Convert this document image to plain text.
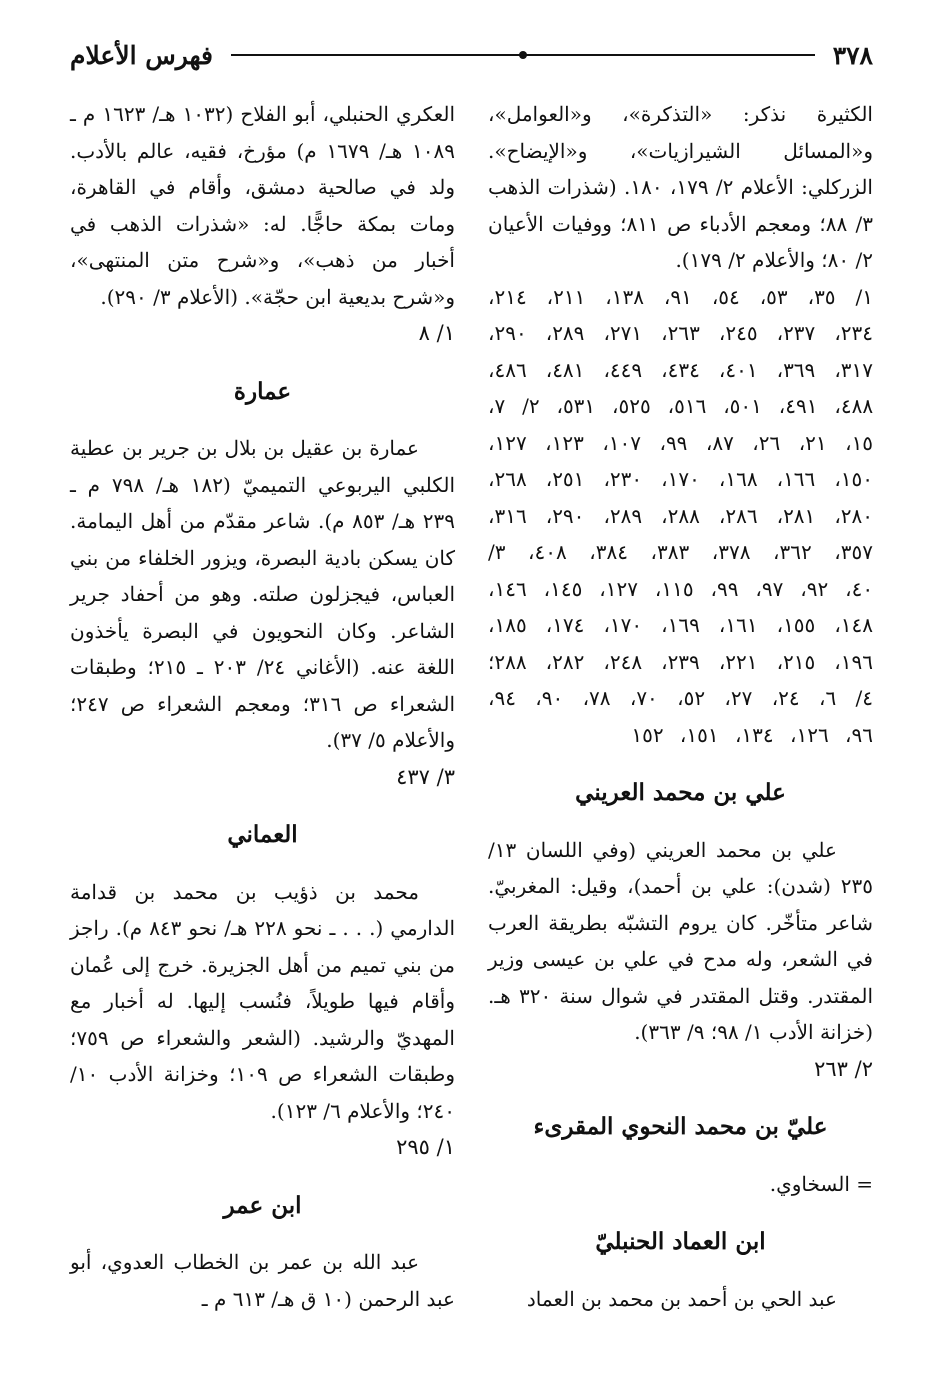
٣٧٨
فهرس الأعلام

الكثيرة نذكر: «التذكرة»، و«العوامل»، و«المسائل الشيرازيات»، و«الإيضاح». الزركلي: الأعلام ٢/ ١٧٩، ١٨٠. (شذرات الذهب ٣/ ٨٨؛ ومعجم الأدباء ص ٨١١؛ ووفيات الأعيان ٢/ ٨٠؛ والأعلام ٢/ ١٧٩).

١/ ٣٥، ٥٣، ٥٤، ٩١، ١٣٨، ٢١١، ٢١٤، ٢٣٤، ٢٣٧، ٢٤٥، ٢٦٣، ٢٧١، ٢٨٩، ٢٩٠، ٣١٧، ٣٦٩، ٤٠١، ٤٣٤، ٤٤٩، ٤٨١، ٤٨٦، ٤٨٨، ٤٩١، ٥٠١، ٥١٦، ٥٢٥، ٥٣١، ٢/ ٧، ١٥، ٢١، ٢٦، ٨٧، ٩٩، ١٠٧، ١٢٣، ١٢٧، ١٥٠، ١٦٦، ١٦٨، ١٧٠، ٢٣٠، ٢٥١، ٢٦٨، ٢٨٠، ٢٨١، ٢٨٦، ٢٨٨، ٢٨٩، ٢٩٠، ٣١٦، ٣٥٧، ٣٦٢، ٣٧٨، ٣٨٣، ٣٨٤، ٤٠٨، ٣/ ٤٠، ٩٢، ٩٧، ٩٩، ١١٥، ١٢٧، ١٤٥، ١٤٦، ١٤٨، ١٥٥، ١٦١، ١٦٩، ١٧٠، ١٧٤، ١٨٥، ١٩٦، ٢١٥، ٢٢١، ٢٣٩، ٢٤٨، ٢٨٢، ٢٨٨؛ ٤/ ٦، ٢٤، ٢٧، ٥٢، ٧٠، ٧٨، ٩٠، ٩٤، ٩٦، ١٢٦، ١٣٤، ١٥١، ١٥٢

علي بن محمد العريني

علي بن محمد العريني (وفي اللسان ١٣/ ٢٣٥ (شدن): علي بن أحمد)، وقيل: المغربيّ. شاعر متأخّر. كان يروم التشبّه بطريقة العرب في الشعر، وله مدح في علي بن عيسى وزير المقتدر. وقتل المقتدر في شوال سنة ٣٢٠ هـ. (خزانة الأدب ١/ ٩٨؛ ٩/ ٣٦٣).

٢/ ٢٦٣

عليّ بن محمد النحوي المقرىء

= السخاوي.

ابن العماد الحنبليّ

عبد الحي بن أحمد بن محمد بن العماد

العكري الحنبلي، أبو الفلاح (١٠٣٢ هـ/ ١٦٢٣ م ـ ١٠٨٩ هـ/ ١٦٧٩ م) مؤرخ، فقيه، عالم بالأدب. ولد في صالحية دمشق، وأقام في القاهرة، ومات بمكة حاجًّا. له: «شذرات الذهب في أخبار من ذهب»، و«شرح متن المنتهى»، و«شرح بديعية ابن حجّة». (الأعلام ٣/ ٢٩٠).

١/ ٨

عمارة

عمارة بن عقيل بن بلال بن جرير بن عطية الكلبي اليربوعي التميميّ (١٨٢ هـ/ ٧٩٨ م ـ ٢٣٩ هـ/ ٨٥٣ م). شاعر مقدّم من أهل اليمامة. كان يسكن بادية البصرة، ويزور الخلفاء من بني العباس، فيجزلون صلته. وهو من أحفاد جرير الشاعر. وكان النحويون في البصرة يأخذون اللغة عنه. (الأغاني ٢٤/ ٢٠٣ ـ ٢١٥؛ وطبقات الشعراء ص ٣١٦؛ ومعجم الشعراء ص ٢٤٧؛ والأعلام ٥/ ٣٧).

٣/ ٤٣٧

العماني

محمد بن ذؤيب بن محمد بن قدامة الدارمي (. . . ـ نحو ٢٢٨ هـ/ نحو ٨٤٣ م). راجز من بني تميم من أهل الجزيرة. خرج إلى عُمان وأقام فيها طويلاً، فنُسب إليها. له أخبار مع المهديّ والرشيد. (الشعر والشعراء ص ٧٥٩؛ وطبقات الشعراء ص ١٠٩؛ وخزانة الأدب ١٠/ ٢٤٠؛ والأعلام ٦/ ١٢٣).

١/ ٢٩٥

ابن عمر

عبد الله بن عمر بن الخطاب العدوي، أبو عبد الرحمن (١٠ ق هـ/ ٦١٣ م ـ
